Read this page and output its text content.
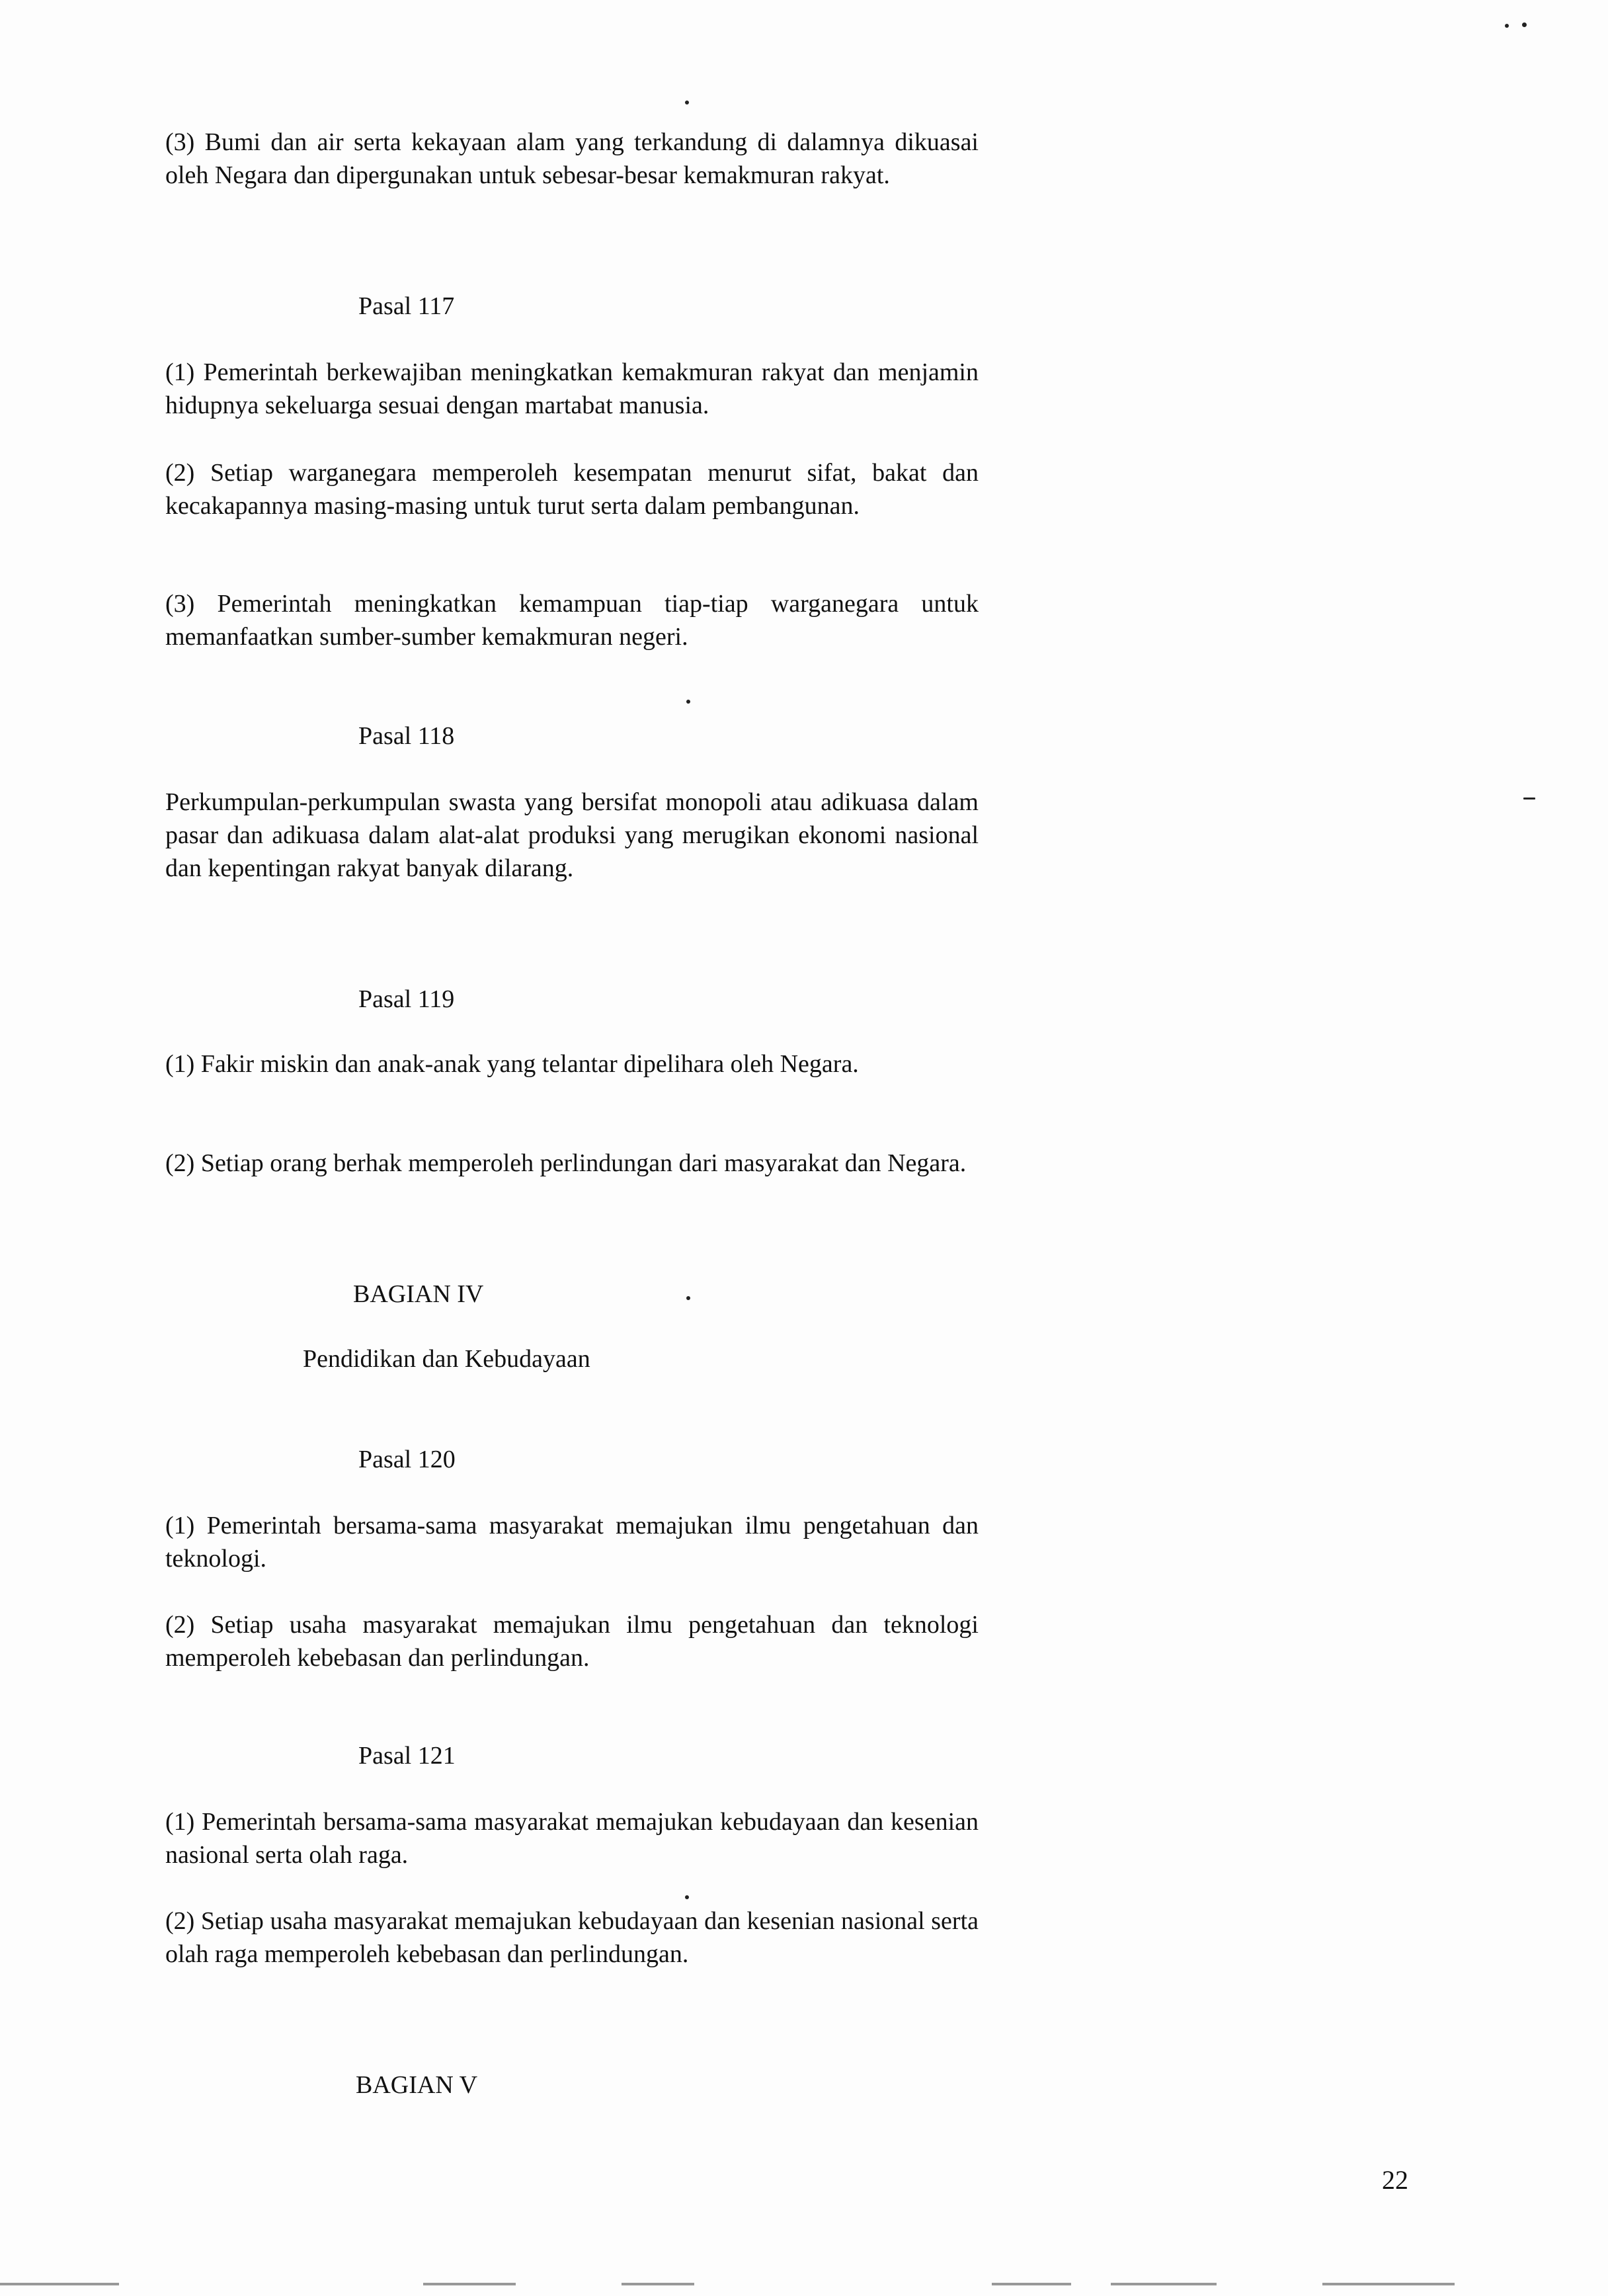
(3) Bumi dan air serta kekayaan alam yang terkandung di dalamnya dikuasai oleh Negara dan dipergunakan untuk sebesar-besar kemakmuran rakyat.
Pasal 117
(1) Pemerintah berkewajiban meningkatkan kemakmuran rakyat dan menjamin hidupnya sekeluarga sesuai dengan martabat manusia.
(2) Setiap warganegara memperoleh kesempatan menurut sifat, bakat dan kecakapannya masing-masing untuk turut serta dalam pembangunan.
(3) Pemerintah meningkatkan kemampuan tiap-tiap warganegara untuk memanfaatkan sumber-sumber kemakmuran negeri.
Pasal 118
Perkumpulan-perkumpulan swasta yang bersifat monopoli atau adikuasa dalam pasar dan adikuasa dalam alat-alat produksi yang merugikan ekonomi nasional dan kepentingan rakyat banyak dilarang.
Pasal 119
(1) Fakir miskin dan anak-anak yang telantar dipelihara oleh Negara.
(2) Setiap orang berhak memperoleh perlindungan dari masyarakat dan Negara.
BAGIAN IV
Pendidikan dan Kebudayaan
Pasal 120
(1) Pemerintah bersama-sama masyarakat memajukan ilmu pengetahuan dan teknologi.
(2) Setiap usaha masyarakat memajukan ilmu pengetahuan dan teknologi memperoleh kebebasan dan perlindungan.
Pasal 121
(1) Pemerintah bersama-sama masyarakat memajukan kebudayaan dan kesenian nasional serta olah raga.
(2) Setiap usaha masyarakat memajukan kebudayaan dan kesenian nasional serta olah raga memperoleh kebebasan dan perlindungan.
BAGIAN V
22
